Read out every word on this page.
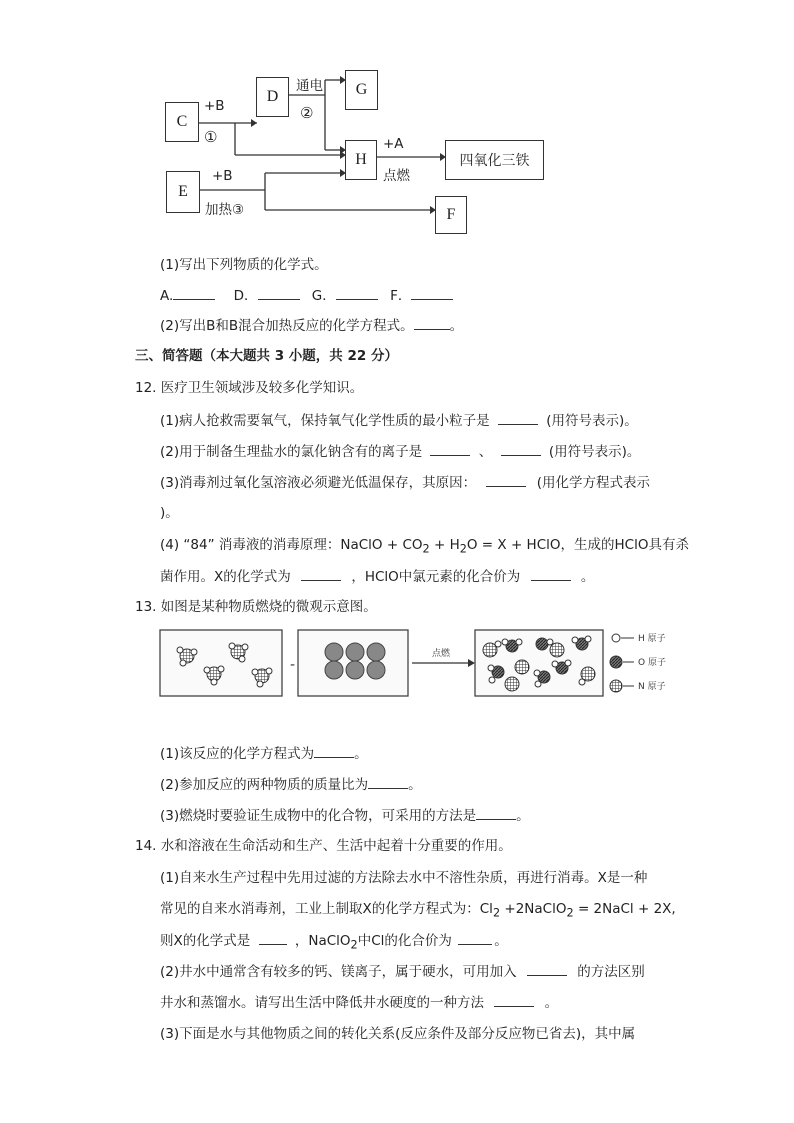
C
D	G
H	四氧化三铁
E
F
+B
①
通电
②
+A
点燃
+B
加热③
(1)写出下列物质的化学式。
A.	D．	G．	F．
(2)写出B和B混合加热反应的化学方程式。	。
三、简答题（本大题共 3 小题，共 22 分）
12. 医疗卫生领域涉及较多化学知识。
(1)病人抢救需要氧气，保持氧气化学性质的最小粒子是	(用符号表示)。
(2)用于制备生理盐水的氯化钠含有的离子是	、	(用符号表示)。
(3)消毒剂过氧化氢溶液必须避光低温保存，其原因：	(用化学方程式表示
)。
(4) “84” 消毒液的消毒原理：NaClO + $CO_2 + H_2O = X$ + HClO，生成的HClO具有杀
菌作用。X的化学式为	，HClO中氯元素的化合价为	。
13. 如图是某种物质燃烧的微观示意图。
-
点燃
H 原子
O 原子
N 原子
(1)该反应的化学方程式为	。
(2)参加反应的两种物质的质量比为	。
(3)燃烧时要验证生成物中的化合物，可采用的方法是	。
14. 水和溶液在生命活动和生产、生活中起着十分重要的作用。
(1)自来水生产过程中先用过滤的方法除去水中不溶性杂质，再进行消毒。X是一种
常见的自来水消毒剂，工业上制取X的化学方程式为：$Cl_2$ +2NaClO$_2$ = 2NaCl + 2X,
则X的化学式是	，NaClO$_2$中Cl的化合价为	。
(2)井水中通常含有较多的钙、镁离子，属于硬水，可用加入	的方法区别
井水和蒸馏水。请写出生活中降低井水硬度的一种方法	。
(3)下面是水与其他物质之间的转化关系(反应条件及部分反应物已省去)，其中属
